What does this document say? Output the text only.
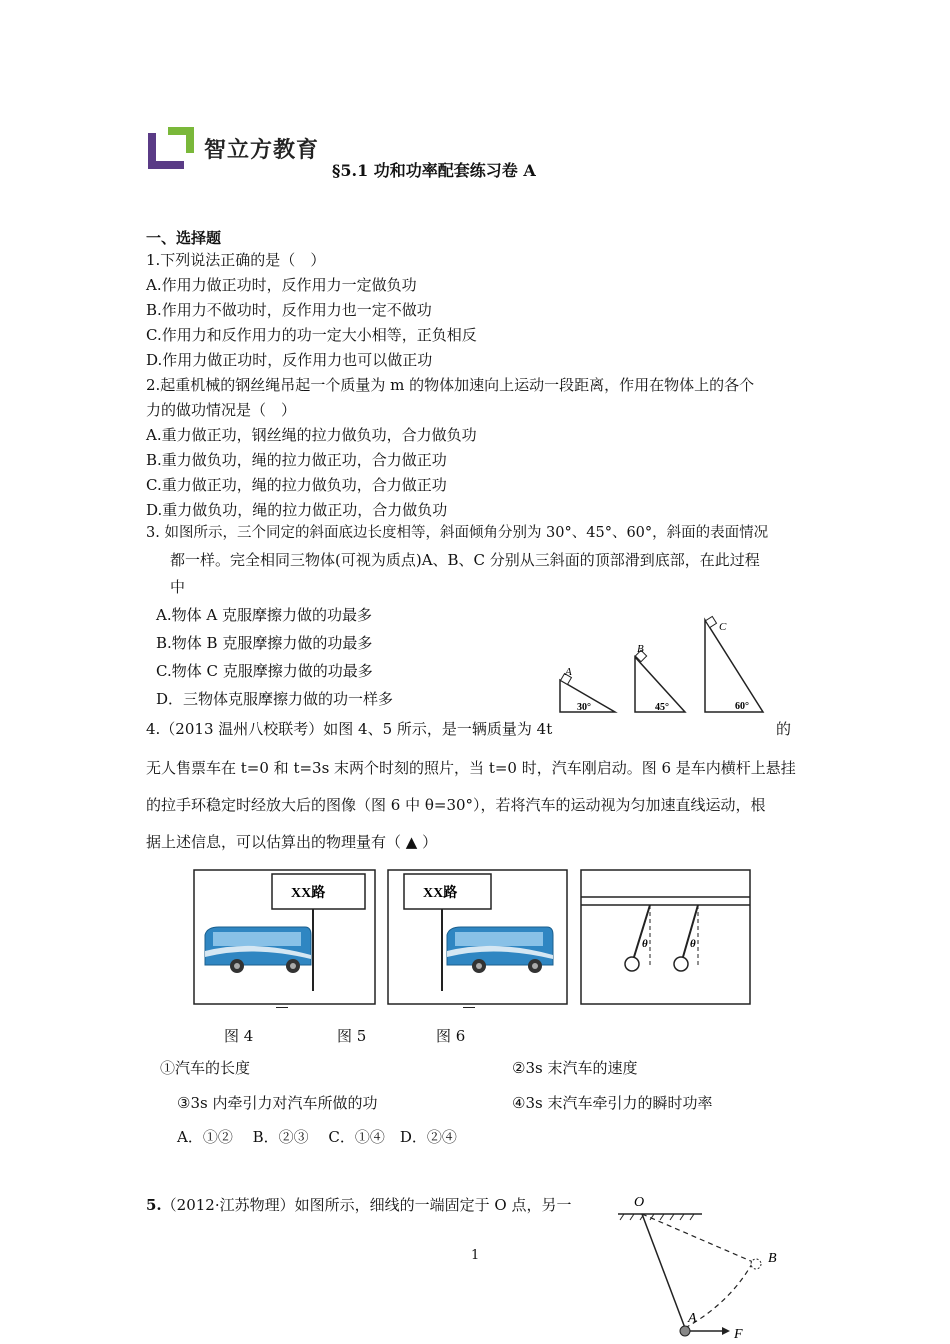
智立方教育
§5.1 功和功率配套练习卷 A
一、选择题
1.下列说法正确的是（　）
A.作用力做正功时，反作用力一定做负功
B.作用力不做功时，反作用力也一定不做功
C.作用力和反作用力的功一定大小相等，正负相反
D.作用力做正功时，反作用力也可以做正功
2.起重机械的钢丝绳吊起一个质量为 m 的物体加速向上运动一段距离，作用在物体上的各个
力的做功情况是（　）
A.重力做正功，钢丝绳的拉力做负功，合力做负功
B.重力做负功，绳的拉力做正功，合力做正功
C.重力做正功，绳的拉力做负功，合力做正功
D.重力做负功，绳的拉力做正功，合力做负功
3. 如图所示，三个同定的斜面底边长度相等，斜面倾角分别为 30°、45°、60°，斜面的表面情况
都一样。完全相同三物体(可视为质点)A、B、C 分别从三斜面的顶部滑到底部，在此过程
中
A.物体 A 克服摩擦力做的功最多
B.物体 B 克服摩擦力做的功最多
C.物体 C 克服摩擦力做的功最多
D．三物体克服摩擦力做的功一样多
A
30°
B
45°
C
60°
4.（2013 温州八校联考）如图 4、5 所示，是一辆质量为 4t	的
无人售票车在 t=0 和 t=3s 末两个时刻的照片，当 t=0 时，汽车刚启动。图 6 是车内横杆上悬挂
的拉手环稳定时经放大后的图像（图 6 中 θ=30°），若将汽车的运动视为匀加速直线运动，根
据上述信息，可以估算出的物理量有（ ▲ ）
XX路	XX路
θ	θ
图 4	图 5	图 6
①汽车的长度	②3s 末汽车的速度
③3s 内牵引力对汽车所做的功	④3s 末汽车牵引力的瞬时功率
A．①②　 B．②③　 C．①④　D．②④
5.（2012·江苏物理）如图所示，细线的一端固定于 O 点，另一	O
B
A
F
1
